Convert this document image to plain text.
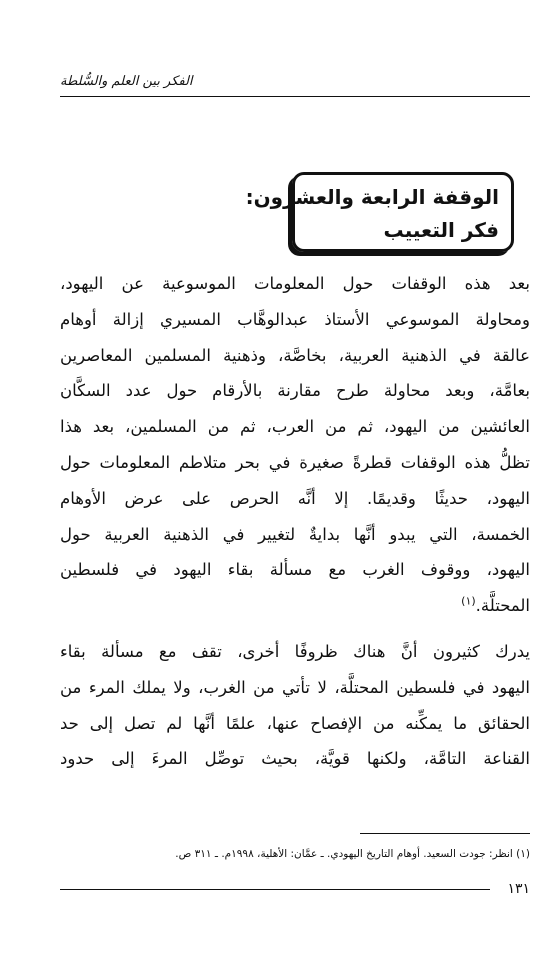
الفكر بين العلم والسُّلطة
الوقفة الرابعة والعشرون:
فكر التعييب

بعد هذه الوقفات حول المعلومات الموسوعية عن اليهود،
ومحاولة الموسوعي الأستاذ عبدالوهَّاب المسيري إزالة أوهام
عالقة في الذهنية العربية، بخاصَّة، وذهنية المسلمين المعاصرين
بعامَّة، وبعد محاولة طرح مقارنة بالأرقام حول عدد السكَّان
العائشين من اليهود، ثم من العرب، ثم من المسلمين، بعد هذا
تظلُّ هذه الوقفات قطرةً صغيرة في بحر متلاطم المعلومات حول
اليهود، حديثًا وقديمًا. إلا أنَّه الحرص على عرض الأوهام
الخمسة، التي يبدو أنَّها بدايةٌ لتغيير في الذهنية العربية حول
اليهود، ووقوف الغرب مع مسألة بقاء اليهود في فلسطين
المحتلَّة.$^{(١)}$

يدرك كثيرون أنَّ هناك ظروفًا أخرى، تقف مع مسألة بقاء
اليهود في فلسطين المحتلَّة، لا تأتي من الغرب، ولا يملك المرء من
الحقائق ما يمكِّنه من الإفصاح عنها، علمًا أنَّها لم تصل إلى حد
القناعة التامَّة، ولكنها قويَّة، بحيث توصِّل المرءَ إلى حدود

(١) انظر: جودت السعيد. أوهام التاريخ اليهودي. ـ عمَّان: الأهلية، ١٩٩٨م. ـ ٣١١ ص.
١٣١
